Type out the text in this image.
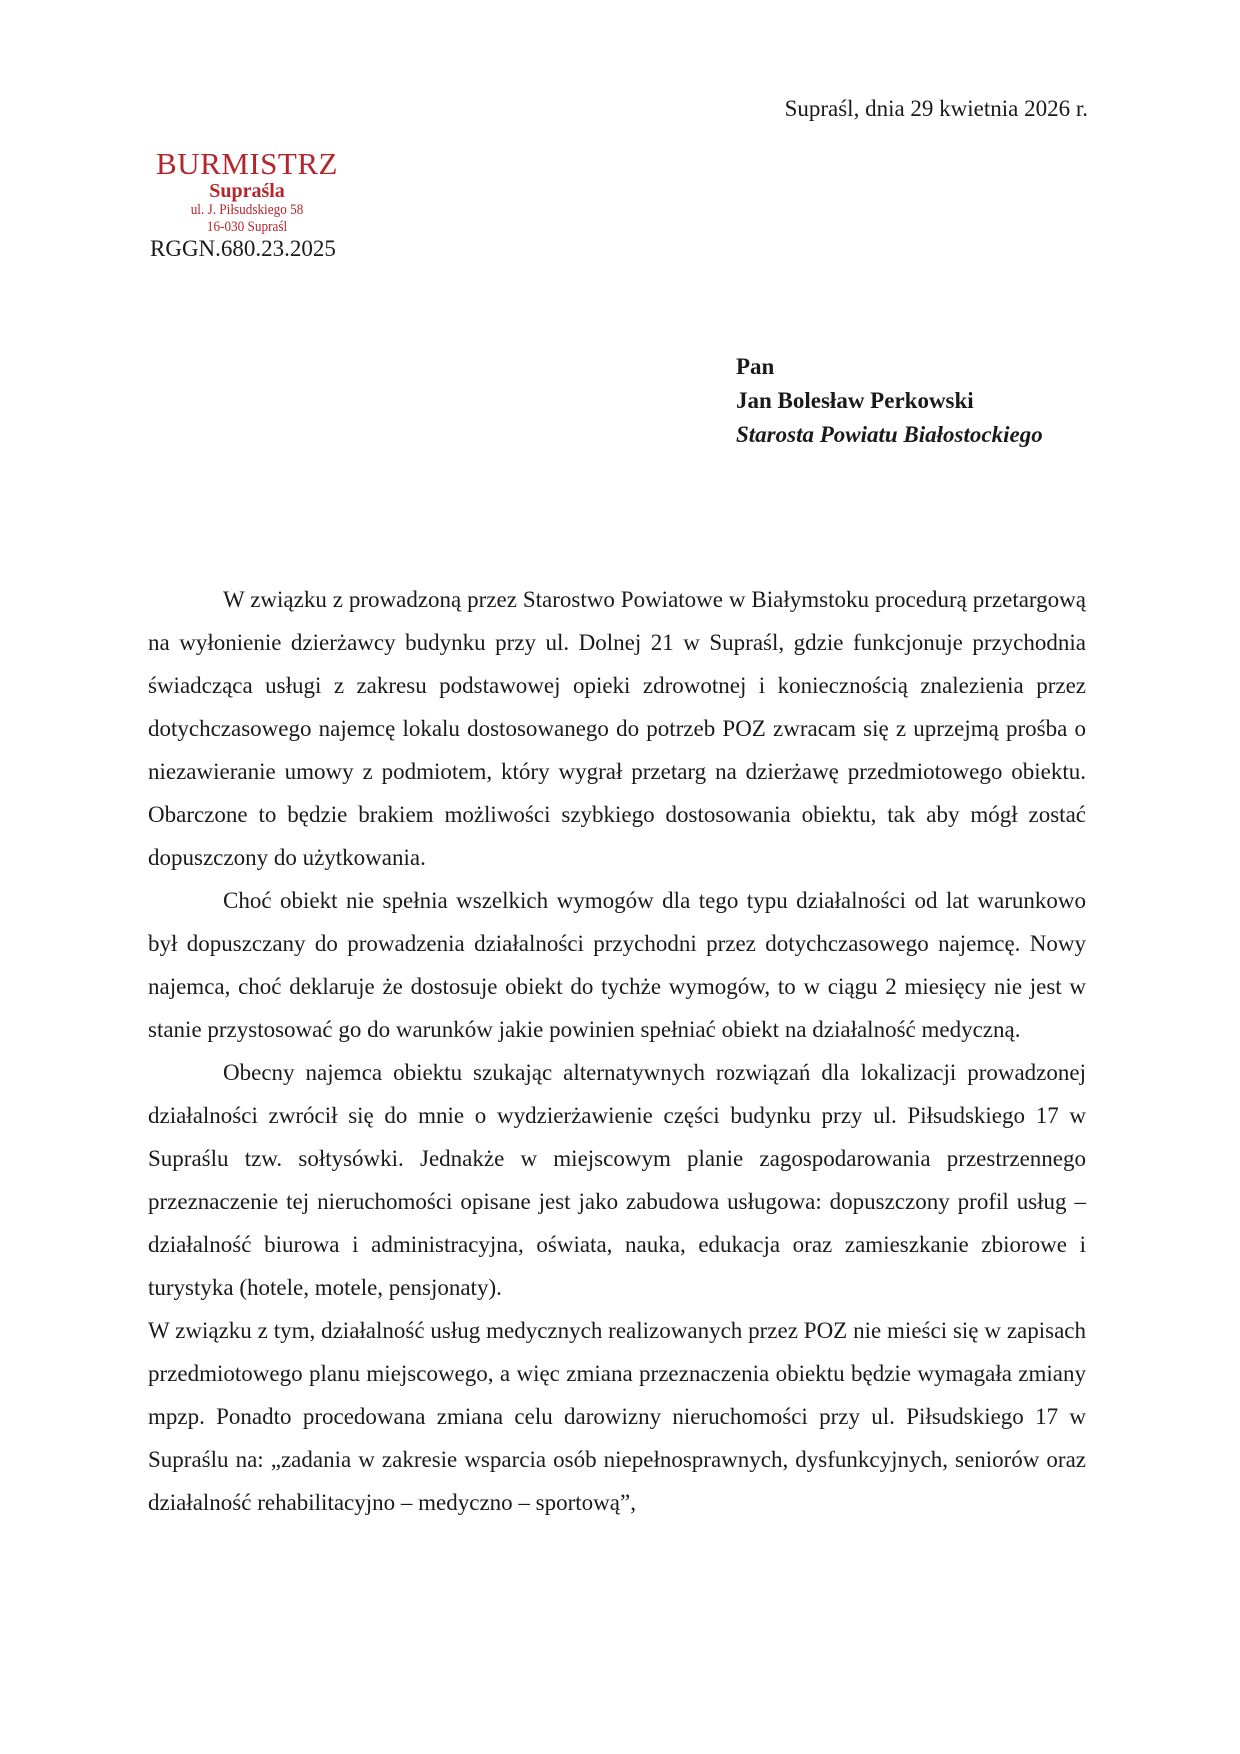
Supraśl, dnia 29 kwietnia 2026 r.
BURMISTRZ
Supraśla
ul. J. Piłsudskiego 58
16-030 Supraśl
RGGN.680.23.2025
Pan
Jan Bolesław Perkowski
Starosta Powiatu Białostockiego

W związku z prowadzoną przez Starostwo Powiatowe w Białymstoku procedurą przetargową na wyłonienie dzierżawcy budynku przy ul. Dolnej 21 w Supraśl, gdzie funkcjonuje przychodnia świadcząca usługi z zakresu podstawowej opieki zdrowotnej i koniecznością znalezienia przez dotychczasowego najemcę lokalu dostosowanego do potrzeb POZ zwracam się z uprzejmą prośba o niezawieranie umowy z podmiotem, który wygrał przetarg na dzierżawę przedmiotowego obiektu. Obarczone to będzie brakiem możliwości szybkiego dostosowania obiektu, tak aby mógł zostać dopuszczony do użytkowania.

Choć obiekt nie spełnia wszelkich wymogów dla tego typu działalności od lat warunkowo był dopuszczany do prowadzenia działalności przychodni przez dotychczasowego najemcę. Nowy najemca, choć deklaruje że dostosuje obiekt do tychże wymogów, to w ciągu 2 miesięcy nie jest w stanie przystosować go do warunków jakie powinien spełniać obiekt na działalność medyczną.

Obecny najemca obiektu szukając alternatywnych rozwiązań dla lokalizacji prowadzonej działalności zwrócił się do mnie o wydzierżawienie części budynku przy ul. Piłsudskiego 17 w Supraślu tzw. sołtysówki. Jednakże w miejscowym planie zagospodarowania przestrzennego przeznaczenie tej nieruchomości opisane jest jako zabudowa usługowa: dopuszczony profil usług – działalność biurowa i administracyjna, oświata, nauka, edukacja oraz zamieszkanie zbiorowe i turystyka (hotele, motele, pensjonaty).

W związku z tym, działalność usług medycznych realizowanych przez POZ nie mieści się w zapisach przedmiotowego planu miejscowego, a więc zmiana przeznaczenia obiektu będzie wymagała zmiany mpzp. Ponadto procedowana zmiana celu darowizny nieruchomości przy ul. Piłsudskiego 17 w Supraślu na: „zadania w zakresie wsparcia osób niepełnosprawnych, dysfunkcyjnych, seniorów oraz działalność rehabilitacyjno – medyczno – sportową”,
